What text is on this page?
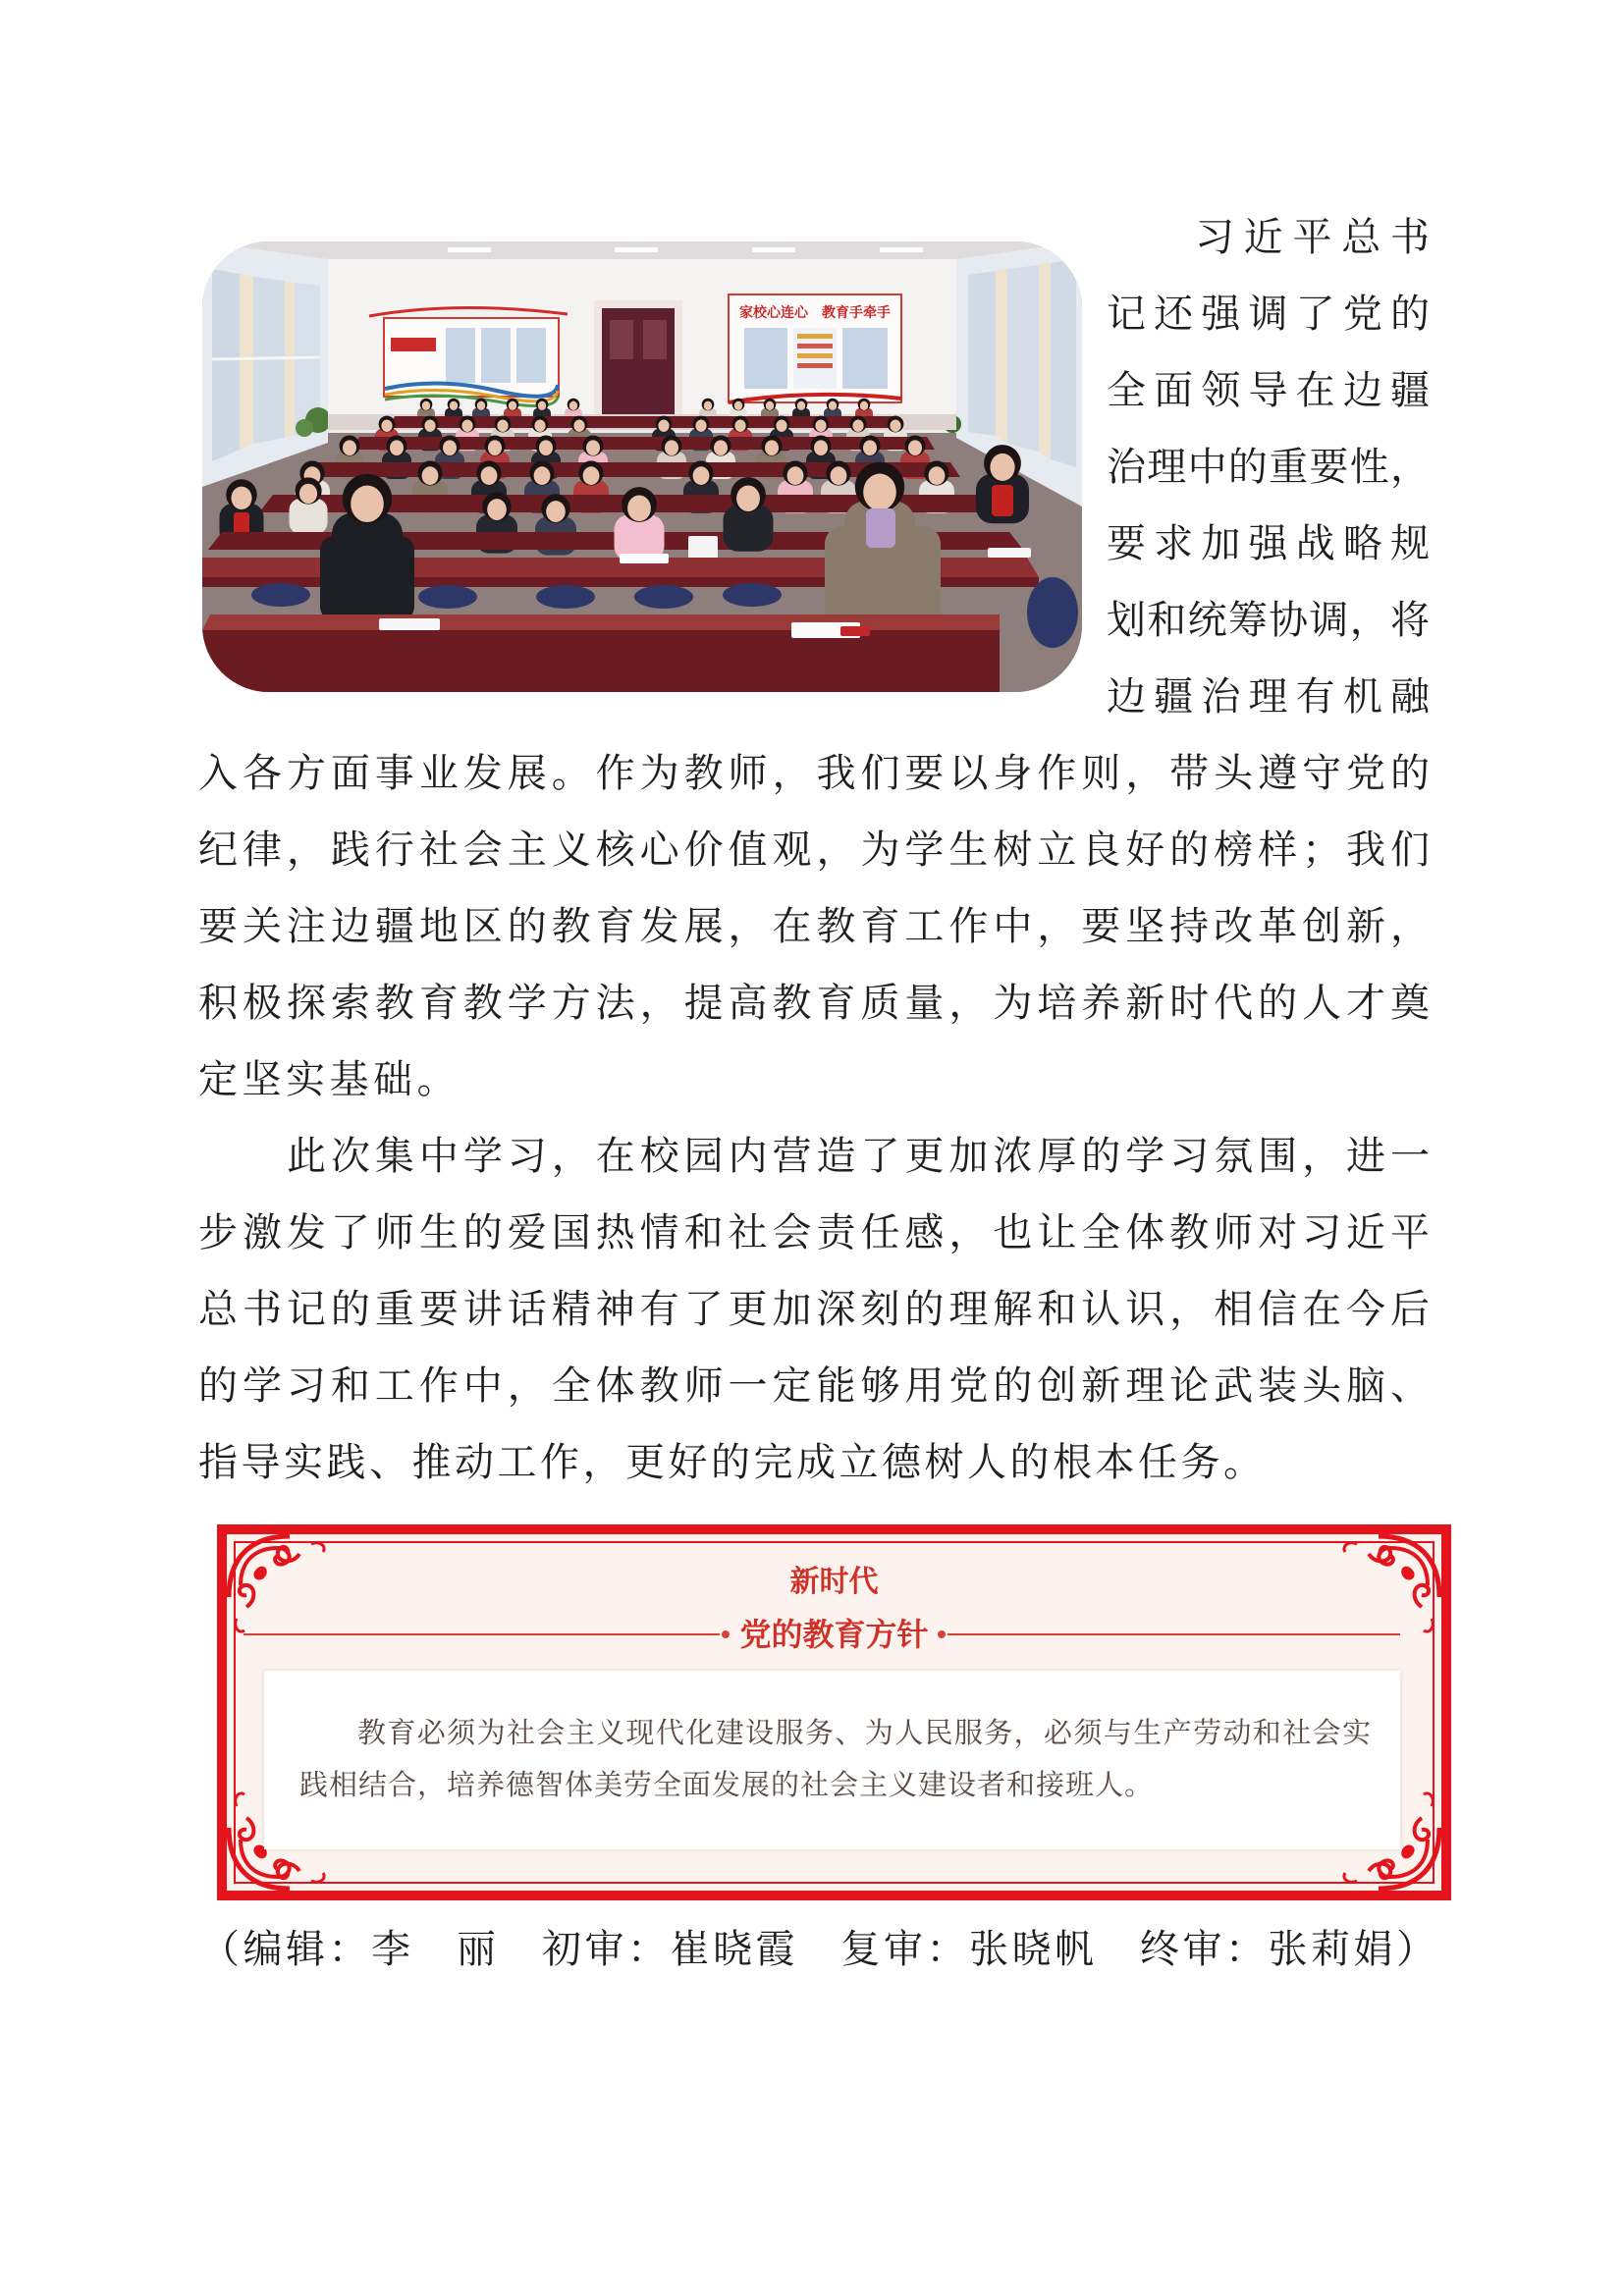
家校心连心　教育手牵手
习近平总书
记还强调了党的
全面领导在边疆
治理中的重要性，
要求加强战略规
划和统筹协调，将
边疆治理有机融
入各方面事业发展。作为教师，我们要以身作则，带头遵守党的
纪律，践行社会主义核心价值观，为学生树立良好的榜样；我们
要关注边疆地区的教育发展，在教育工作中，要坚持改革创新，
积极探索教育教学方法，提高教育质量，为培养新时代的人才奠
定坚实基础。
此次集中学习，在校园内营造了更加浓厚的学习氛围，进一
步激发了师生的爱国热情和社会责任感，也让全体教师对习近平
总书记的重要讲话精神有了更加深刻的理解和认识，相信在今后
的学习和工作中，全体教师一定能够用党的创新理论武装头脑、
指导实践、推动工作，更好的完成立德树人的根本任务。
新时代
党的教育方针
教育必须为社会主义现代化建设服务、为人民服务，必须与生产劳动和社会实
践相结合，培养德智体美劳全面发展的社会主义建设者和接班人。
（编辑：李　丽　初审：崔晓霞　复审：张晓帆　终审：张莉娟）
